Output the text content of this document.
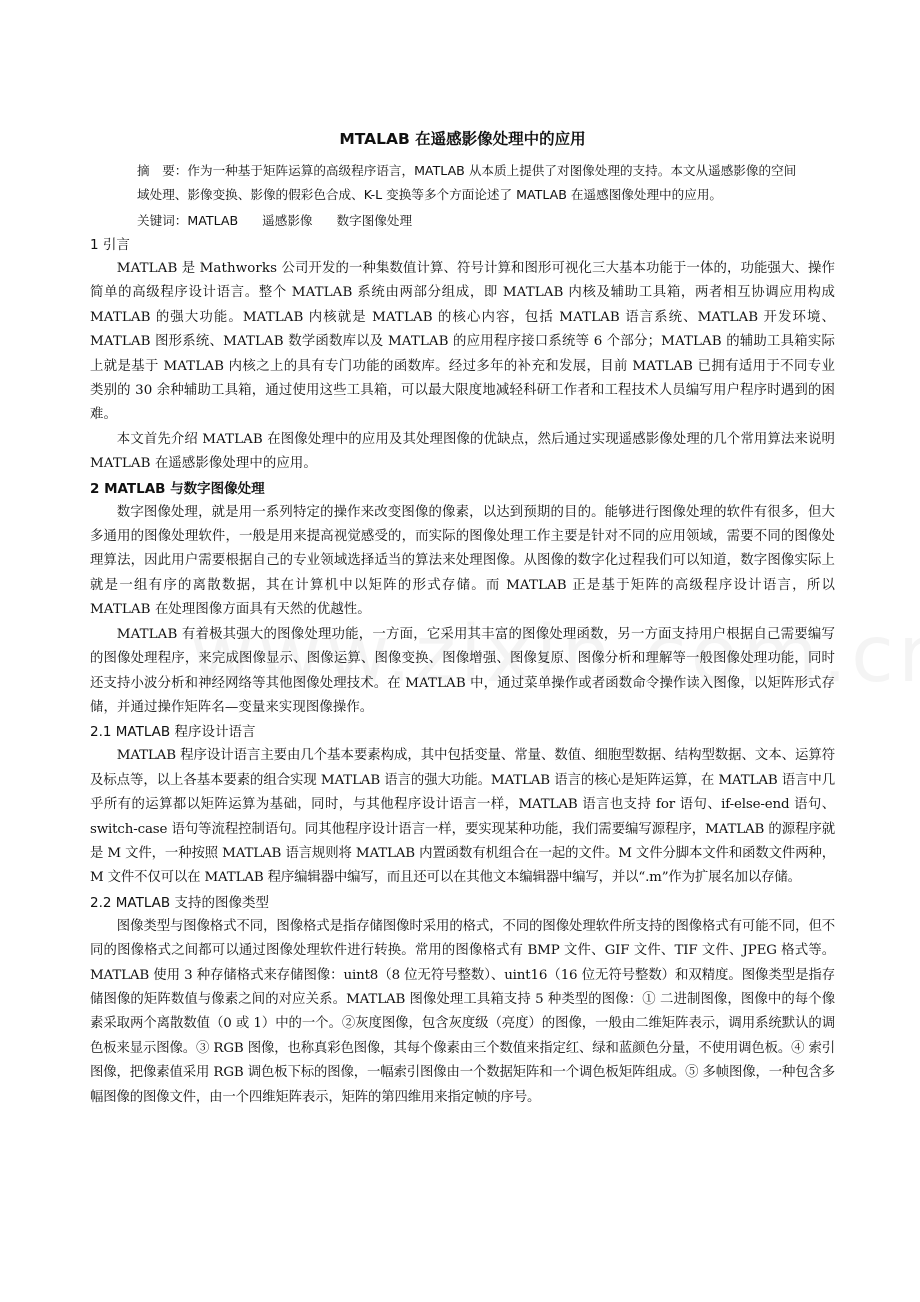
MTALAB 在遥感影像处理中的应用
摘　要：作为一种基于矩阵运算的高级程序语言，MATLAB 从本质上提供了对图像处理的支持。本文从遥感影像的空间域处理、影像变换、影像的假彩色合成、K-L 变换等多个方面论述了 MATLAB 在遥感图像处理中的应用。
关键词：MATLAB 遥感影像 数字图像处理
1 引言

MATLAB 是 Mathworks 公司开发的一种集数值计算、符号计算和图形可视化三大基本功能于一体的，功能强大、操作简单的高级程序设计语言。整个 MATLAB 系统由两部分组成，即 MATLAB 内核及辅助工具箱，两者相互协调应用构成 MATLAB 的强大功能。MATLAB 内核就是 MATLAB 的核心内容，包括 MATLAB 语言系统、MATLAB 开发环境、MATLAB 图形系统、MATLAB 数学函数库以及 MATLAB 的应用程序接口系统等 6 个部分；MATLAB 的辅助工具箱实际上就是基于 MATLAB 内核之上的具有专门功能的函数库。经过多年的补充和发展，目前 MATLAB 已拥有适用于不同专业类别的 30 余种辅助工具箱，通过使用这些工具箱，可以最大限度地减轻科研工作者和工程技术人员编写用户程序时遇到的困难。

本文首先介绍 MATLAB 在图像处理中的应用及其处理图像的优缺点，然后通过实现遥感影像处理的几个常用算法来说明 MATLAB 在遥感影像处理中的应用。

2 MATLAB 与数字图像处理

数字图像处理，就是用一系列特定的操作来改变图像的像素，以达到预期的目的。能够进行图像处理的软件有很多，但大多通用的图像处理软件，一般是用来提高视觉感受的，而实际的图像处理工作主要是针对不同的应用领域，需要不同的图像处理算法，因此用户需要根据自己的专业领域选择适当的算法来处理图像。从图像的数字化过程我们可以知道，数字图像实际上就是一组有序的离散数据，其在计算机中以矩阵的形式存储。而 MATLAB 正是基于矩阵的高级程序设计语言，所以 MATLAB 在处理图像方面具有天然的优越性。

MATLAB 有着极其强大的图像处理功能，一方面，它采用其丰富的图像处理函数，另一方面支持用户根据自己需要编写的图像处理程序，来完成图像显示、图像运算、图像变换、图像增强、图像复原、图像分析和理解等一般图像处理功能，同时还支持小波分析和神经网络等其他图像处理技术。在 MATLAB 中，通过菜单操作或者函数命令操作读入图像，以矩阵形式存储，并通过操作矩阵名—变量来实现图像操作。

2.1 MATLAB 程序设计语言

MATLAB 程序设计语言主要由几个基本要素构成，其中包括变量、常量、数值、细胞型数据、结构型数据、文本、运算符及标点等，以上各基本要素的组合实现 MATLAB 语言的强大功能。MATLAB 语言的核心是矩阵运算，在 MATLAB 语言中几乎所有的运算都以矩阵运算为基础，同时，与其他程序设计语言一样，MATLAB 语言也支持 for 语句、if-else-end 语句、switch-case 语句等流程控制语句。同其他程序设计语言一样，要实现某种功能，我们需要编写源程序，MATLAB 的源程序就是 M 文件，一种按照 MATLAB 语言规则将 MATLAB 内置函数有机组合在一起的文件。M 文件分脚本文件和函数文件两种，M 文件不仅可以在 MATLAB 程序编辑器中编写，而且还可以在其他文本编辑器中编写，并以“.m”作为扩展名加以存储。

2.2 MATLAB 支持的图像类型

图像类型与图像格式不同，图像格式是指存储图像时采用的格式，不同的图像处理软件所支持的图像格式有可能不同，但不同的图像格式之间都可以通过图像处理软件进行转换。常用的图像格式有 BMP 文件、GIF 文件、TIF 文件、JPEG 格式等。MATLAB 使用 3 种存储格式来存储图像：uint8（8 位无符号整数）、uint16（16 位无符号整数）和双精度。图像类型是指存储图像的矩阵数值与像素之间的对应关系。MATLAB 图像处理工具箱支持 5 种类型的图像：① 二进制图像，图像中的每个像素采取两个离散数值（0 或 1）中的一个。②灰度图像，包含灰度级（亮度）的图像，一般由二维矩阵表示，调用系统默认的调色板来显示图像。③ RGB 图像，也称真彩色图像，其每个像素由三个数值来指定红、绿和蓝颜色分量，不使用调色板。④ 索引图像，把像素值采用 RGB 调色板下标的图像，一幅索引图像由一个数据矩阵和一个调色板矩阵组成。⑤ 多帧图像，一种包含多幅图像的图像文件，由一个四维矩阵表示，矩阵的第四维用来指定帧的序号。
